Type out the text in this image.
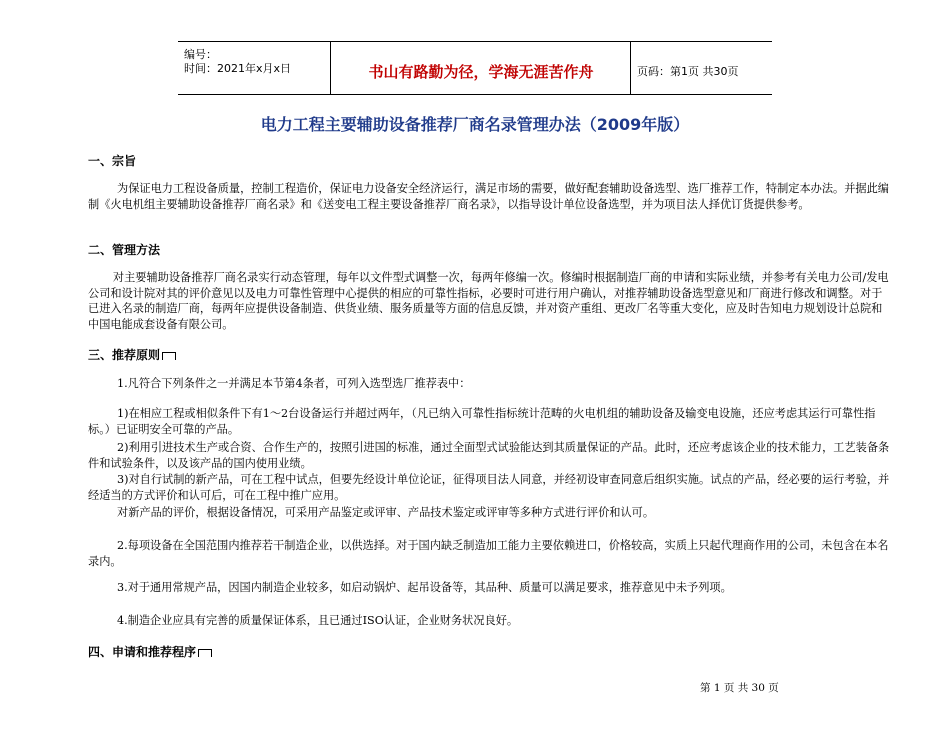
编号：
时间：2021年x月x日	书山有路勤为径，学海无涯苦作舟	页码：第1页 共30页
电力工程主要辅助设备推荐厂商名录管理办法（2009年版）
一、宗旨
为保证电力工程设备质量，控制工程造价，保证电力设备安全经济运行，满足市场的需要，做好配套辅助设备选型、选厂推荐工作，特制定本办法。并据此编制《火电机组主要辅助设备推荐厂商名录》和《送变电工程主要设备推荐厂商名录》，以指导设计单位设备选型，并为项目法人择优订货提供参考。
二、管理方法
对主要辅助设备推荐厂商名录实行动态管理，每年以文件型式调整一次，每两年修编一次。修编时根据制造厂商的申请和实际业绩，并参考有关电力公司/发电公司和设计院对其的评价意见以及电力可靠性管理中心提供的相应的可靠性指标，必要时可进行用户确认，对推荐辅助设备选型意见和厂商进行修改和调整。对于已进入名录的制造厂商，每两年应提供设备制造、供货业绩、服务质量等方面的信息反馈，并对资产重组、更改厂名等重大变化，应及时告知电力规划设计总院和中国电能成套设备有限公司。
三、推荐原则
1.凡符合下列条件之一并满足本节第4条者，可列入选型选厂推荐表中：
1)在相应工程或相似条件下有1～2台设备运行并超过两年，（凡已纳入可靠性指标统计范畴的火电机组的辅助设备及输变电设施，还应考虑其运行可靠性指标。）已证明安全可靠的产品。
2)利用引进技术生产或合资、合作生产的，按照引进国的标准，通过全面型式试验能达到其质量保证的产品。此时，还应考虑该企业的技术能力，工艺装备条件和试验条件，以及该产品的国内使用业绩。
3)对自行试制的新产品，可在工程中试点，但要先经设计单位论证，征得项目法人同意，并经初设审查同意后组织实施。试点的产品，经必要的运行考验，并经适当的方式评价和认可后，可在工程中推广应用。
对新产品的评价，根据设备情况，可采用产品鉴定或评审、产品技术鉴定或评审等多种方式进行评价和认可。
2.每项设备在全国范围内推荐若干制造企业，以供选择。对于国内缺乏制造加工能力主要依赖进口，价格较高，实质上只起代理商作用的公司，未包含在本名录内。
3.对于通用常规产品，因国内制造企业较多，如启动锅炉、起吊设备等，其品种、质量可以满足要求，推荐意见中未予列项。
4.制造企业应具有完善的质量保证体系，且已通过ISO认证，企业财务状况良好。
四、申请和推荐程序
第 1 页 共 30 页
